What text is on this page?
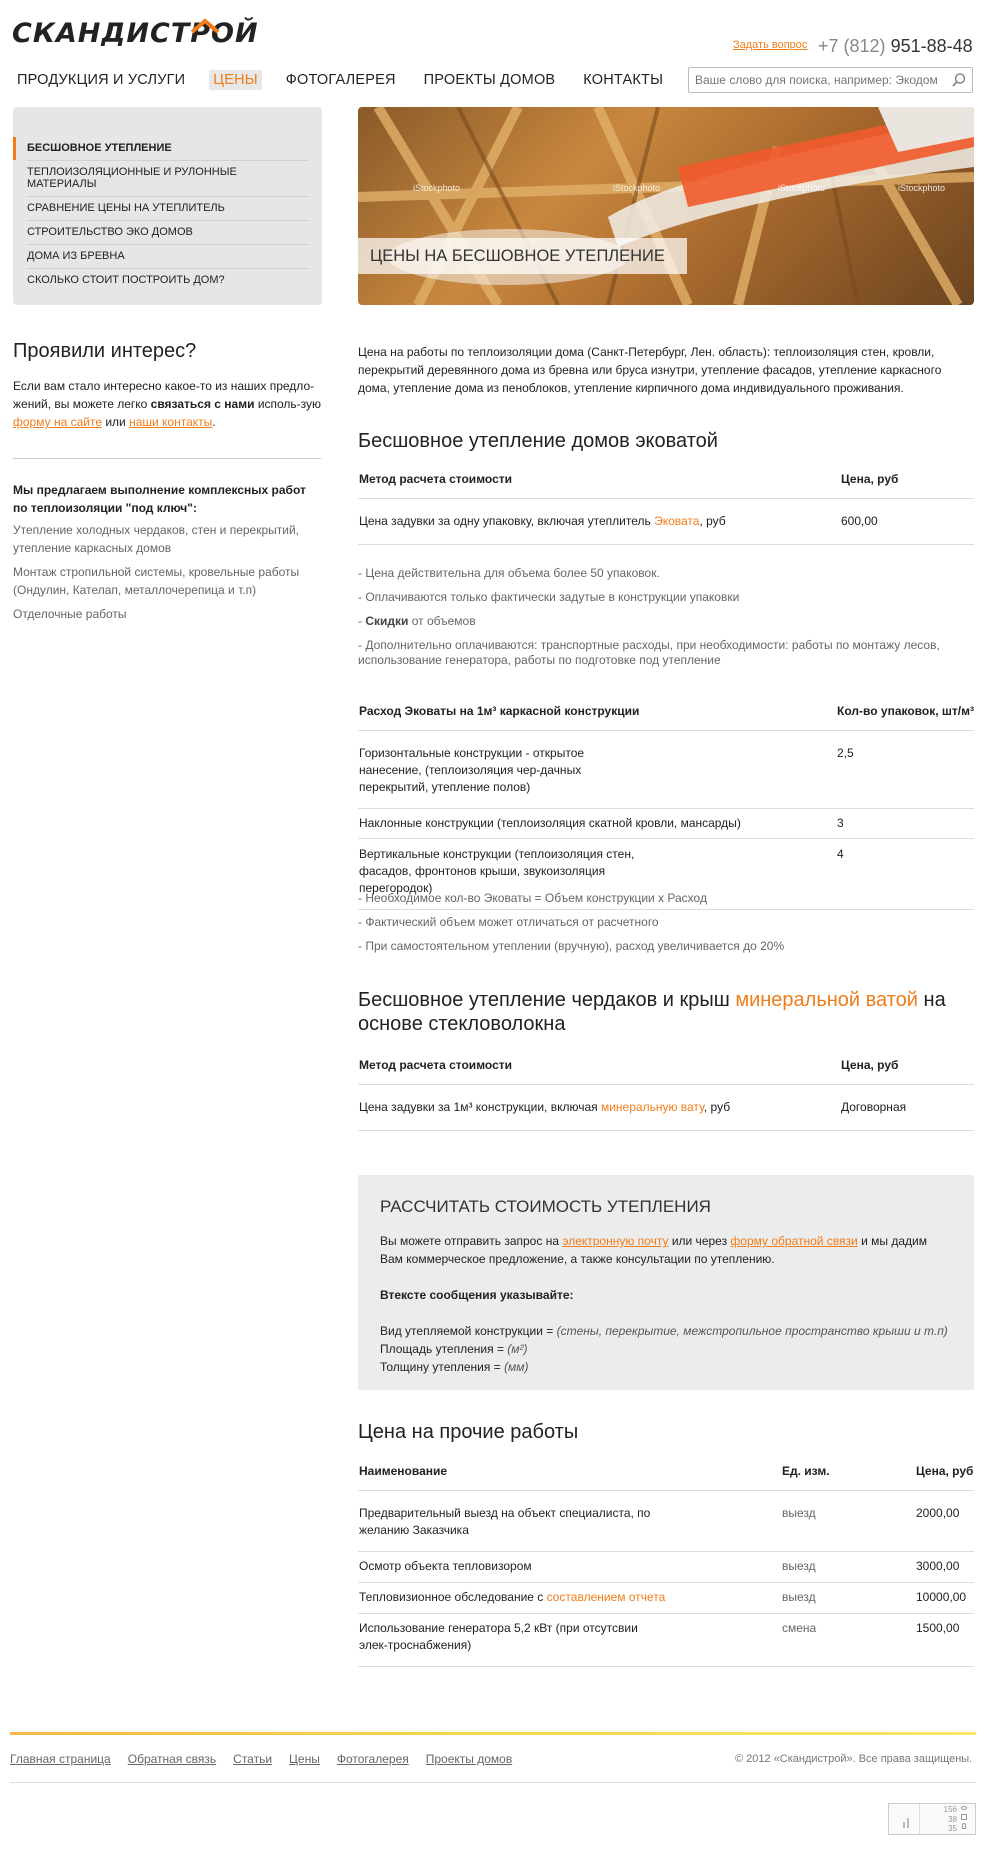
СКАНДИСТРОЙ	Задать вопрос +7 (812) 951-88-48
ПРОДУКЦИЯ И УСЛУГИ ЦЕНЫ ФОТОГАЛЕРЕЯ ПРОЕКТЫ ДОМОВ КОНТАКТЫ
Ваше слово для поиска, например: Экодом
БЕСШОВНОЕ УТЕПЛЕНИЕ
ТЕПЛОИЗОЛЯЦИОННЫЕ И РУЛОННЫЕ МАТЕРИАЛЫ
СРАВНЕНИЕ ЦЕНЫ НА УТЕПЛИТЕЛЬ
СТРОИТЕЛЬСТВО ЭКО ДОМОВ
ДОМА ИЗ БРЕВНА
СКОЛЬКО СТОИТ ПОСТРОИТЬ ДОМ?
Проявили интерес?
Если вам стало интересно какое-то из наших предло-жений, вы можете легко связаться с нами исполь-зую форму на сайте или наши контакты.
Мы предлагаем выполнение комплексных работ по теплоизоляции "под ключ":
Утепление холодных чердаков, стен и перекрытий, утепление каркасных домов
Монтаж стропильной системы, кровельные работы (Ондулин, Кателап, металлочерепица и т.п)
Отделочные работы
iStockphoto	iStockphoto	iStockphoto	iStockphoto
ЦЕНЫ НА БЕСШОВНОЕ УТЕПЛЕНИЕ
Цена на работы по теплоизоляции дома (Санкт-Петербург, Лен. область): теплоизоляция стен, кровли, перекрытий деревянного дома из бревна или бруса изнутри, утепление фасадов, утепление каркасного дома, утепление дома из пеноблоков, утепление кирпичного дома индивидуального проживания.
Бесшовное утепление домов эковатой
Метод расчета стоимости	Цена, руб
Цена задувки за одну упаковку, включая утеплитель Эковата, руб	600,00
- Цена действительна для объема более 50 упаковок.
- Оплачиваются только фактически задутые в конструкции упаковки
- Скидки от объемов
- Дополнительно оплачиваются: транспортные расходы, при необходимости: работы по монтажу лесов, использование генератора, работы по подготовке под утепление
Расход Эковаты на 1м³ каркасной конструкции	Кол-во упаковок, шт/м³
Горизонтальные конструкции - открытое нанесение, (теплоизоляция чер-дачных перекрытий, утепление полов)	2,5
Наклонные конструкции (теплоизоляция скатной кровли, мансарды)	3
Вертикальные конструкции (теплоизоляция стен, фасадов, фронтонов крыши, звукоизоляция перегородок)	4
- Необходимое кол-во Эковаты = Объем конструкции х Расход
- Фактический объем может отличаться от расчетного
- При самостоятельном утеплении (вручную), расход увеличивается до 20%
Бесшовное утепление чердаков и крыш минеральной ватой на основе стекловолокна
Метод расчета стоимости	Цена, руб
Цена задувки за 1м³ конструкции, включая минеральную вату, руб	Договорная
РАССЧИТАТЬ СТОИМОСТЬ УТЕПЛЕНИЯ

Вы можете отправить запрос на электронную почту или через форму обратной связи и мы дадим Вам коммерческое предложение, а также консультации по утеплению.

Втексте сообщения указывайте:

Вид утепляемой конструкции = (стены, перекрытие, межстропильное пространство крыши и т.п)

Площадь утепления = (м²)

Толщину утепления = (мм)

Цена на прочие работы
Наименование	Ед. изм.	Цена, руб
Предварительный выезд на объект специалиста, по желанию Заказчика	выезд	2000,00
Осмотр объекта тепловизором	выезд	3000,00
Тепловизионное обследование с составлением отчета	выезд	10000,00
Использование генератора 5,2 кВт (при отсутсвии элек-троснабжения)	смена	1500,00
Главная страница Обратная связь Статьи Цены Фотогалерея Проекты домов	© 2012 «Скандистрой». Все права защищены.
156
38
35
